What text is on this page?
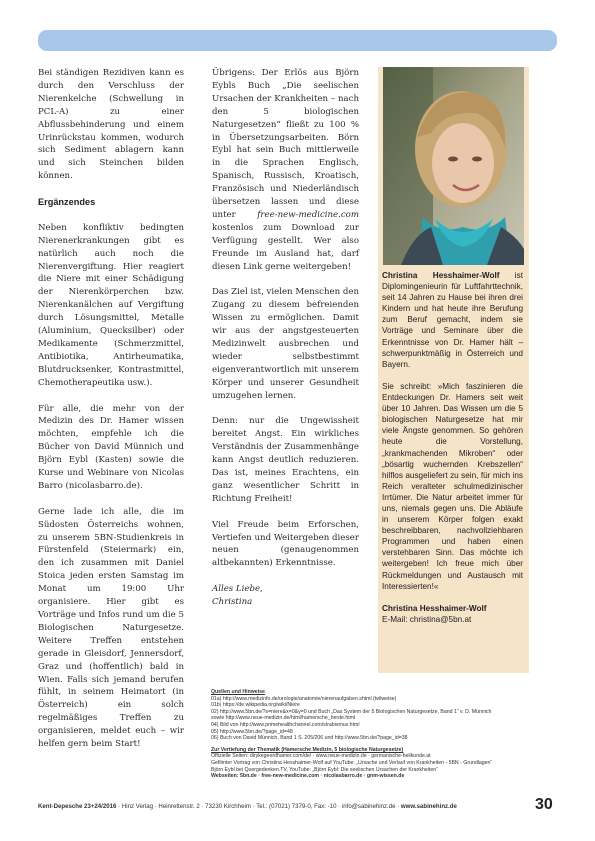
Bei ständigen Rezidiven kann es durch den Verschluss der Nierenkelche (Schwellung in PCL-A) zu einer Abflussbehinderung und einem Urinrückstau kommen, wodurch sich Sediment ablagern kann und sich Steinchen bilden können.

Ergänzendes

Neben konfliktiv bedingten Nierenerkrankungen gibt es natürlich auch noch die Nierenvergiftung. Hier reagiert die Niere mit einer Schädigung der Nierenkörperchen bzw. Nierenkanälchen auf Vergiftung durch Lösungsmittel, Metalle (Aluminium, Quecksilber) oder Medikamente (Schmerzmittel, Antibiotika, Antirheumatika, Blutdrucksenker, Kontrastmittel, Chemotherapeutika usw.).

Für alle, die mehr von der Medizin des Dr. Hamer wissen möchten, empfehle ich die Bücher von David Münnich und Björn Eybl (Kasten) sowie die Kurse und Webinare von Nicolas Barro (nicolasbarro.de).

Gerne lade ich alle, die im Südosten Österreichs wohnen, zu unserem 5BN-Studienkreis in Fürstenfeld (Steiermark) ein, den ich zusammen mit Daniel Stoica jeden ersten Samstag im Monat um 19:00 Uhr organisiere. Hier gibt es Vorträge und Infos rund um die 5 Biologischen Naturgesetze. Weitere Treffen entstehen gerade in Gleisdorf, Jennersdorf, Graz und (hoffentlich) bald in Wien. Falls sich jemand berufen fühlt, in seinem Heimatort (in Österreich) ein solch regelmäßiges Treffen zu organisieren, meldet euch – wir helfen gern beim Start!

Übrigens: Der Erlös aus Björn Eybls Buch „Die seelischen Ursachen der Krankheiten – nach den 5 biologischen Naturgesetzen“ fließt zu 100 % in Übersetzungsarbeiten. Börn Eybl hat sein Buch mittlerweile in die Sprachen Englisch, Spanisch, Russisch, Kroatisch, Französisch und Niederländisch übersetzen lassen und diese unter free-new-medicine.com kostenlos zum Download zur Verfügung gestellt. Wer also Freunde im Ausland hat, darf diesen Link gerne weitergeben!

Das Ziel ist, vielen Menschen den Zugang zu diesem befreienden Wissen zu ermöglichen. Damit wir aus der angstgesteuerten Medizinwelt ausbrechen und wieder selbstbestimmt eigenverantwortlich mit unserem Körper und unserer Gesundheit umzugehen lernen.

Denn: nur die Ungewissheit bereitet Angst. Ein wirkliches Verständnis der Zusammenhänge kann Angst deutlich reduzieren. Das ist, meines Erachtens, ein ganz wesentlicher Schritt in Richtung Freiheit!

Viel Freude beim Erforschen, Vertiefen und Weitergeben dieser neuen (genaugenommen altbekannten) Erkenntnisse.

Alles Liebe,
Christina

Christina Hesshaimer-Wolf ist Diplomingenieurin für Luftfahrttechnik, seit 14 Jahren zu Hause bei ihren drei Kindern und hat heute ihre Berufung zum Beruf gemacht, indem sie Vorträge und Seminare über die Erkenntnisse von Dr. Hamer hält – schwerpunktmäßig in Österreich und Bayern.

Sie schreibt: »Mich faszinieren die Entdeckungen Dr. Hamers seit weit über 10 Jahren. Das Wissen um die 5 biologischen Naturgesetze hat mir viele Ängste genommen. So gehören heute die Vorstellung, „krankmachenden Mikroben“ oder „bösartig wuchernden Krebszellen“ hilflos ausgeliefert zu sein, für mich ins Reich veralteter schulmedizinischer Irrtümer. Die Natur arbeitet immer für uns, niemals gegen uns. Die Abläufe in unserem Körper folgen exakt beschreibbaren, nachvollziehbaren Programmen und haben einen verstehbaren Sinn. Das möchte ich weitergeben! Ich freue mich über Rückmeldungen und Austausch mit Interessierten!«

Christina Hesshaimer-Wolf
E-Mail: christina@5bn.at
Quellen und Hinweise
01a) http://www.medizinfo.de/urologie/anatomie/nierenaufgaben.shtml (teilweise)
01b) https://de.wikipedia.org/wiki/Niere
02) http://www.5bn.de/?s=niere&x=0&y=0 und Buch „Das System der 5 Biologischen Naturgesetze, Band 1“ v. D. Münnich
sowie http://www.neue-medizin.de/html/hamersche_herde.html
04) Bild von http://www.primehealthchannel.com/strabismus.html
05) http://www.5bn.de/?page_id=48
06) Buch von David Münnich, Band 1 S. 205/206 und http://www.5bn.de/?page_id=38
Zur Vertiefung der Thematik (Hamersche Medizin, 5 biologische Naturgesetze)
Offizielle Seiten: dirykegeerdhamer.com/de/ · www.neue-medizin.de · germanische-heilkunde.at
Gefilmter Vortrag von Christina Hesshaimer-Wolf auf YouTube: „Ursache und Verlauf von Krankheiten - 5BN - Grundlagen“
Björn Eybl bei Quergedenken.TV, YouTube: „Björn Eybl: Die seelischen Ursachen der Krankheiten“
Webseiten: 5bn.de · free-new-medicine.com · nicolasbarro.de · gnm-wissen.de
Kent-Depesche 23+24/2016 · Hinz Verlag · Heinrettenstr. 2 · 73230 Kirchheim · Tel.: (07021) 7379-0, Fax: -10 · info@sabinehinz.de · www.sabinehinz.de	30
